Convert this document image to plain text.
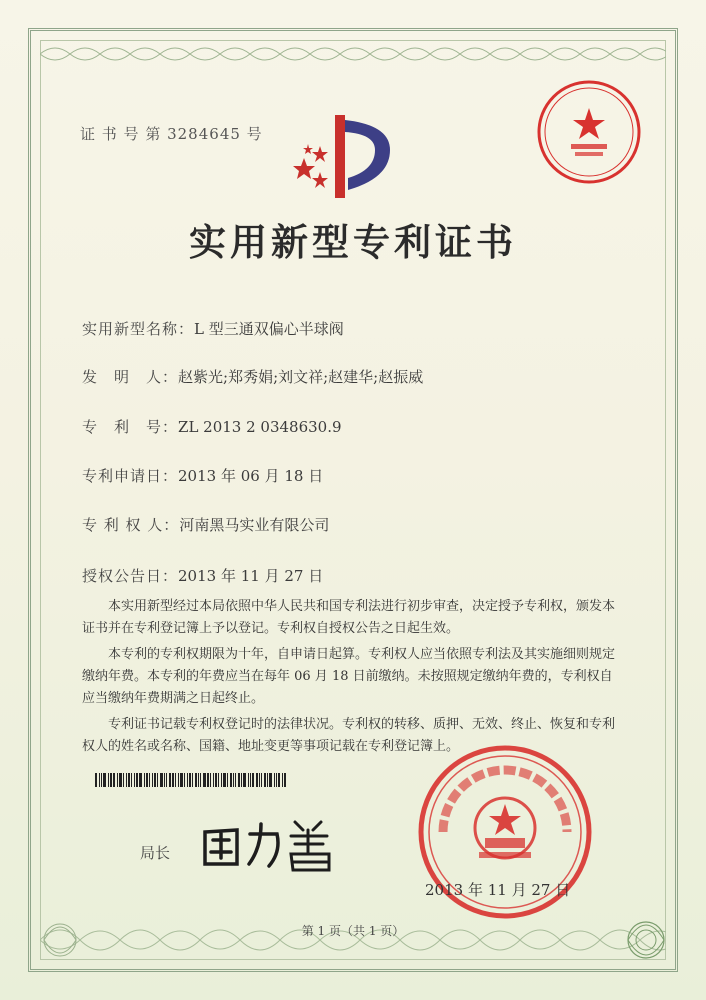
证 书 号 第 3284645 号
实用新型专利证书
实用新型名称：L 型三通双偏心半球阀
发　明　人：赵紫光;郑秀娟;刘文祥;赵建华;赵振威
专　利　号：ZL 2013 2 0348630.9
专利申请日：2013 年 06 月 18 日
专 利 权 人：河南黑马实业有限公司
授权公告日：2013 年 11 月 27 日

本实用新型经过本局依照中华人民共和国专利法进行初步审查，决定授予专利权，颁发本证书并在专利登记簿上予以登记。专利权自授权公告之日起生效。

本专利的专利权期限为十年，自申请日起算。专利权人应当依照专利法及其实施细则规定缴纳年费。本专利的年费应当在每年 06 月 18 日前缴纳。未按照规定缴纳年费的，专利权自应当缴纳年费期满之日起终止。

专利证书记载专利权登记时的法律状况。专利权的转移、质押、无效、终止、恢复和专利权人的姓名或名称、国籍、地址变更等事项记载在专利登记簿上。

局长
2013 年 11 月 27 日
第 1 页（共 1 页）
